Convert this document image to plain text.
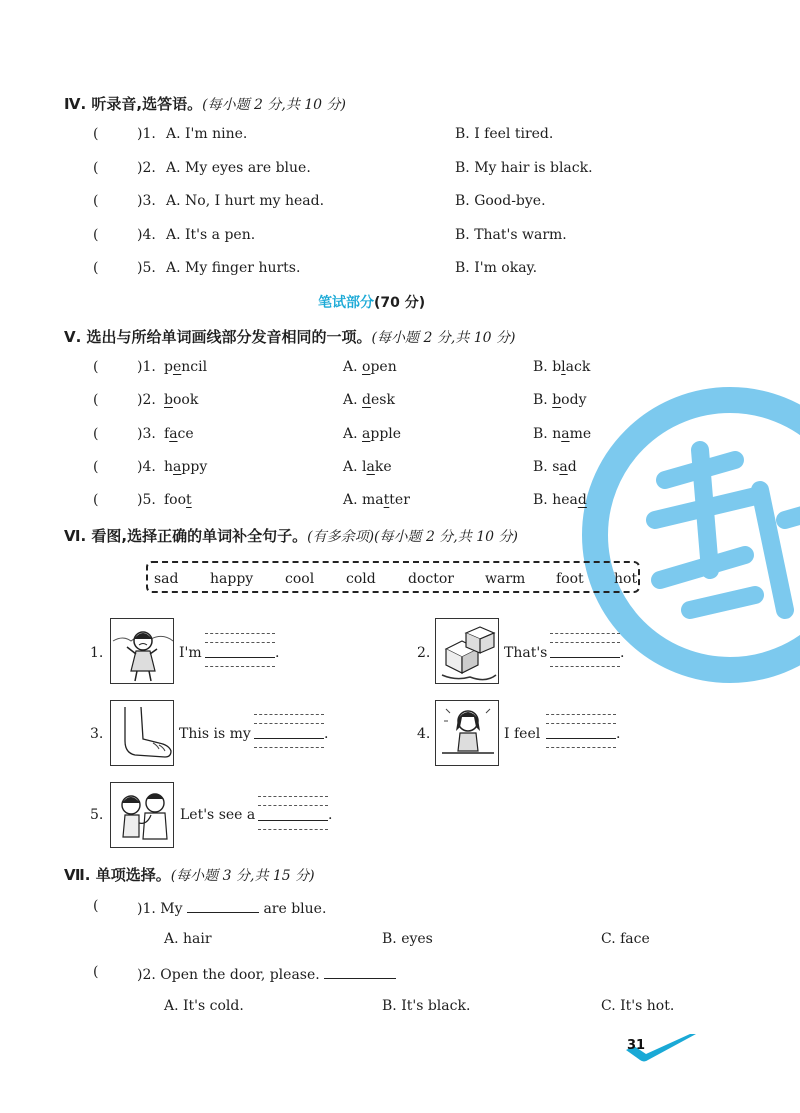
Ⅳ. 听录音,选答语。(每小题 2 分,共 10 分)
(	)1. A. I'm nine.	B. I feel tired.
(	)2. A. My eyes are blue.	B. My hair is black.
(	)3. A. No, I hurt my head.	B. Good-bye.
(	)4. A. It's a pen.	B. That's warm.
(	)5. A. My finger hurts.	B. I'm okay.
笔试部分(70 分)
Ⅴ. 选出与所给单词画线部分发音相同的一项。(每小题 2 分,共 10 分)
(	)1. pencil	A. open	B. black
(	)2. book	A. desk	B. body
(	)3. face	A. apple	B. name
(	)4. happy	A. lake	B. sad
(	)5. foot	A. matter	B. head
Ⅵ. 看图,选择正确的单词补全句子。(有多余项)(每小题 2 分,共 10 分)
sad happy cool cold doctor warm foot hot
1.	I'm	.	2.	That's	.
3.	This is my	.	4.	I feel	.
5.	Let's see a	.
Ⅶ. 单项选择。(每小题 3 分,共 15 分)
(	)1. My	are blue.
A. hair	B. eyes	C. face
(	)2. Open the door, please.
A. It's cold.	B. It's black.	C. It's hot.
31
